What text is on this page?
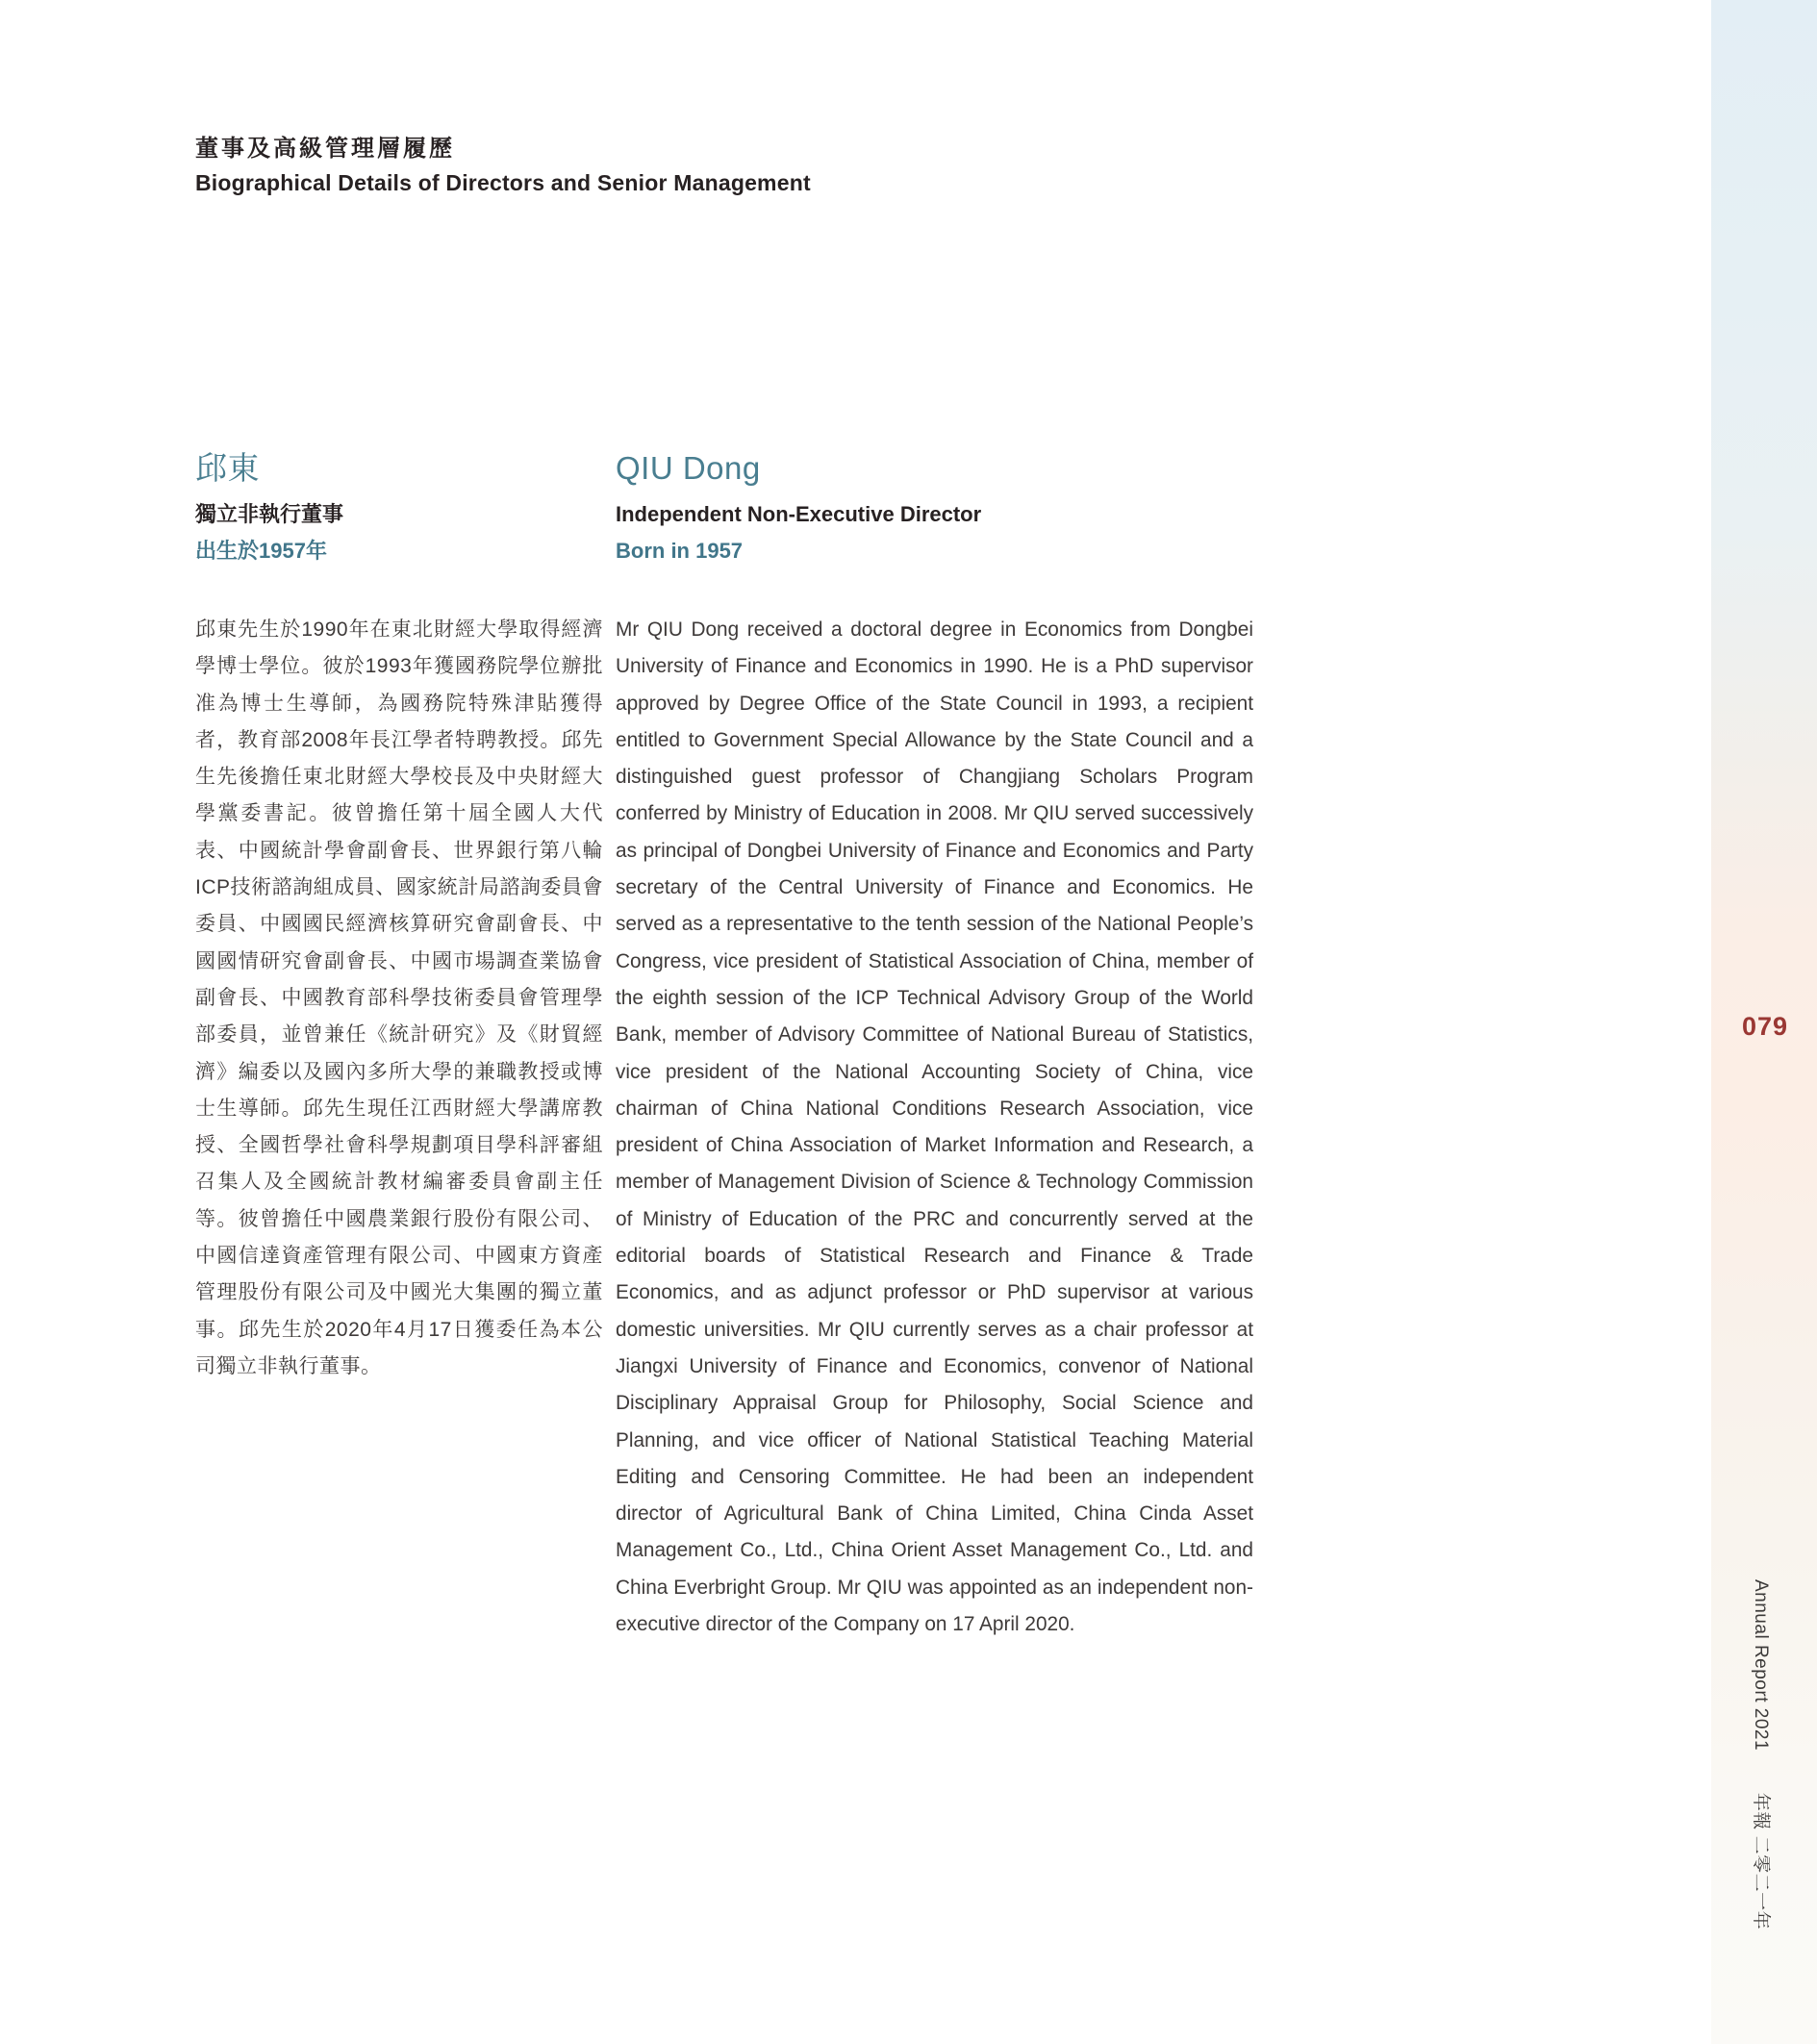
董事及高級管理層履歷
Biographical Details of Directors and Senior Management
邱東
獨立非執行董事
出生於1957年

邱東先生於1990年在東北財經大學取得經濟學博士學位。彼於1993年獲國務院學位辦批准為博士生導師，為國務院特殊津貼獲得者，教育部2008年長江學者特聘教授。邱先生先後擔任東北財經大學校長及中央財經大學黨委書記。彼曾擔任第十屆全國人大代表、中國統計學會副會長、世界銀行第八輪ICP技術諮詢組成員、國家統計局諮詢委員會委員、中國國民經濟核算研究會副會長、中國國情研究會副會長、中國市場調查業協會副會長、中國教育部科學技術委員會管理學部委員，並曾兼任《統計研究》及《財貿經濟》編委以及國內多所大學的兼職教授或博士生導師。邱先生現任江西財經大學講席教授、全國哲學社會科學規劃項目學科評審組召集人及全國統計教材編審委員會副主任等。彼曾擔任中國農業銀行股份有限公司、中國信達資產管理有限公司、中國東方資產管理股份有限公司及中國光大集團的獨立董事。邱先生於2020年4月17日獲委任為本公司獨立非執行董事。

QIU Dong
Independent Non-Executive Director
Born in 1957

Mr QIU Dong received a doctoral degree in Economics from Dongbei University of Finance and Economics in 1990. He is a PhD supervisor approved by Degree Office of the State Council in 1993, a recipient entitled to Government Special Allowance by the State Council and a distinguished guest professor of Changjiang Scholars Program conferred by Ministry of Education in 2008. Mr QIU served successively as principal of Dongbei University of Finance and Economics and Party secretary of the Central University of Finance and Economics. He served as a representative to the tenth session of the National People’s Congress, vice president of Statistical Association of China, member of the eighth session of the ICP Technical Advisory Group of the World Bank, member of Advisory Committee of National Bureau of Statistics, vice president of the National Accounting Society of China, vice chairman of China National Conditions Research Association, vice president of China Association of Market Information and Research, a member of Management Division of Science & Technology Commission of Ministry of Education of the PRC and concurrently served at the editorial boards of Statistical Research and Finance & Trade Economics, and as adjunct professor or PhD supervisor at various domestic universities. Mr QIU currently serves as a chair professor at Jiangxi University of Finance and Economics, convenor of National Disciplinary Appraisal Group for Philosophy, Social Science and Planning, and vice officer of National Statistical Teaching Material Editing and Censoring Committee. He had been an independent director of Agricultural Bank of China Limited, China Cinda Asset Management Co., Ltd., China Orient Asset Management Co., Ltd. and China Everbright Group. Mr QIU was appointed as an independent non-executive director of the Company on 17 April 2020.

079
Annual Report 2021 年報 二零二一年
